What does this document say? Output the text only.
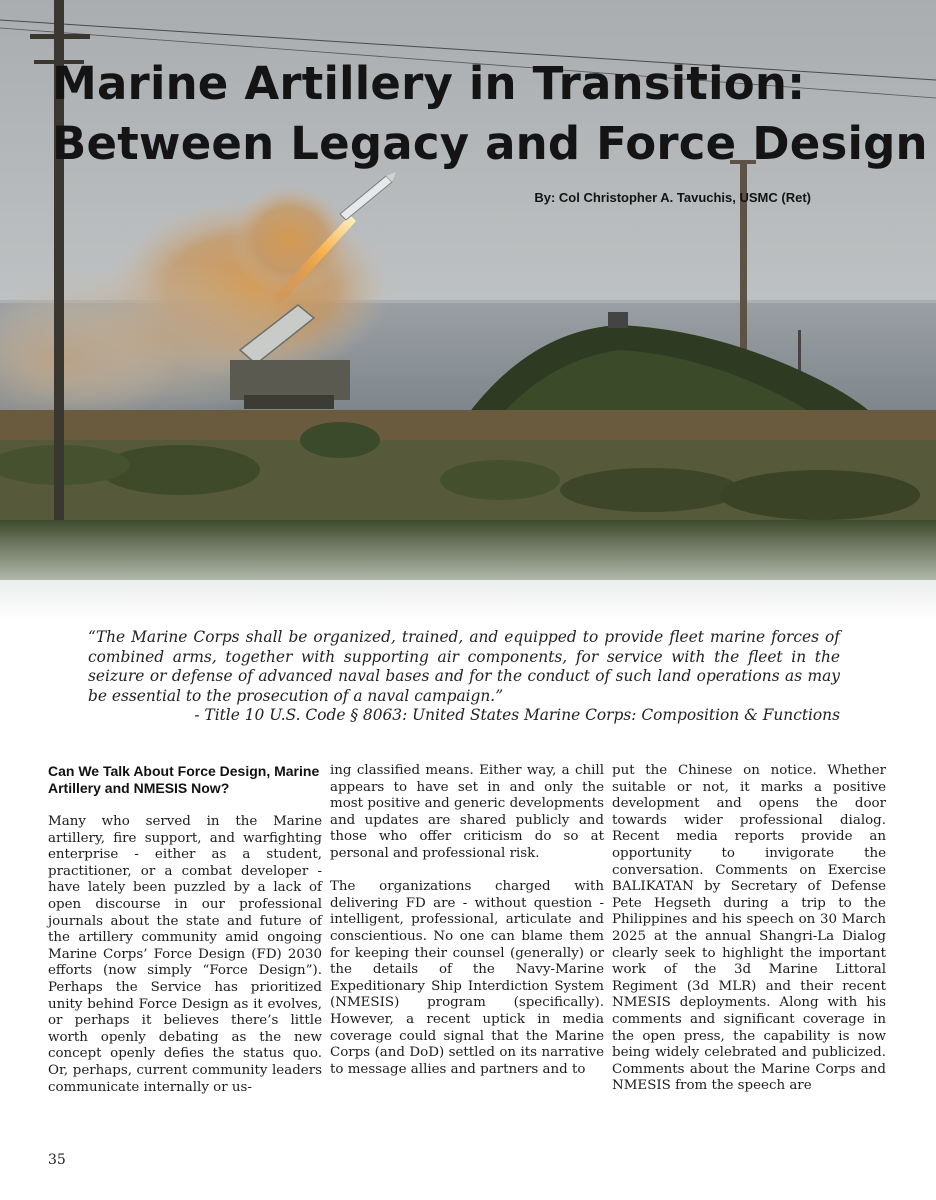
Marine Artillery in Transition:
Between Legacy and Force Design
By: Col Christopher A. Tavuchis, USMC (Ret)

“The Marine Corps shall be organized, trained, and equipped to provide fleet marine forces of combined arms, together with supporting air components, for service with the fleet in the seizure or defense of advanced naval bases and for the conduct of such land operations as may be essential to the prosecution of a naval campaign.”

- Title 10 U.S. Code § 8063: United States Marine Corps: Composition & Functions
Can We Talk About Force Design, Marine Artillery and NMESIS Now?

Many who served in the Marine artillery, fire support, and warfighting enterprise - either as a student, practitioner, or a combat developer - have lately been puzzled by a lack of open discourse in our professional journals about the state and future of the artillery community amid ongoing Marine Corps’ Force Design (FD) 2030 efforts (now simply “Force Design”). Perhaps the Service has prioritized unity behind Force Design as it evolves, or perhaps it believes there’s little worth openly debating as the new concept openly defies the status quo. Or, perhaps, current community leaders communicate internally or us-

ing classified means. Either way, a chill appears to have set in and only the most positive and generic developments and updates are shared publicly and those who offer criticism do so at personal and professional risk.

The organizations charged with delivering FD are - without question - intelligent, professional, articulate and conscientious. No one can blame them for keeping their counsel (generally) or the details of the Navy-Marine Expeditionary Ship Interdiction System (NMESIS) program (specifically). However, a recent uptick in media coverage could signal that the Marine Corps (and DoD) settled on its narrative to message allies and partners and to

put the Chinese on notice. Whether suitable or not, it marks a positive development and opens the door towards wider professional dialog. Recent media reports provide an opportunity to invigorate the conversation. Comments on Exercise BALIKATAN by Secretary of Defense Pete Hegseth during a trip to the Philippines and his speech on 30 March 2025 at the annual Shangri-La Dialog clearly seek to highlight the important work of the 3d Marine Littoral Regiment (3d MLR) and their recent NMESIS deployments. Along with his comments and significant coverage in the open press, the capability is now being widely celebrated and publicized. Comments about the Marine Corps and NMESIS from the speech are

35
